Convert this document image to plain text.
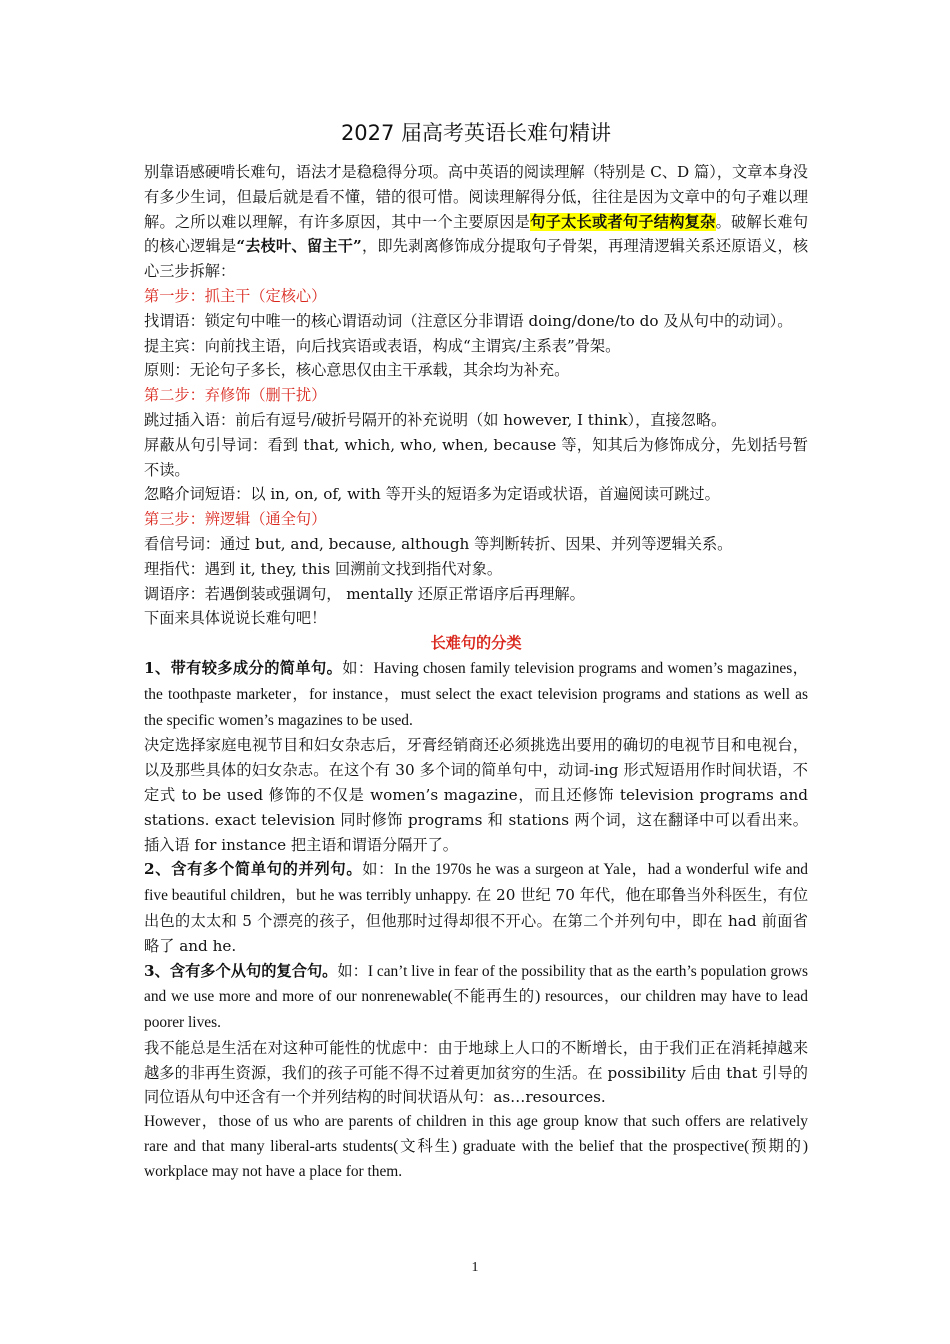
2027 届高考英语长难句精讲

别靠语感硬啃长难句，语法才是稳稳得分项。高中英语的阅读理解（特别是 C、D 篇），文章本身没有多少生词，但最后就是看不懂，错的很可惜。阅读理解得分低，往往是因为文章中的句子难以理解。之所以难以理解，有许多原因，其中一个主要原因是句子太长或者句子结构复杂。破解长难句的核心逻辑是“去枝叶、留主干”，即先剥离修饰成分提取句子骨架，再理清逻辑关系还原语义，核心三步拆解：

第一步：抓主干（定核心）

找谓语：锁定句中唯一的核心谓语动词（注意区分非谓语 doing/done/to do 及从句中的动词）。

提主宾：向前找主语，向后找宾语或表语，构成“主谓宾/主系表”骨架。

原则：无论句子多长，核心意思仅由主干承载，其余均为补充。

第二步：弃修饰（删干扰）

跳过插入语：前后有逗号/破折号隔开的补充说明（如 however, I think），直接忽略。

屏蔽从句引导词：看到 that, which, who, when, because 等，知其后为修饰成分，先划括号暂不读。

忽略介词短语：以 in, on, of, with 等开头的短语多为定语或状语，首遍阅读可跳过。

第三步：辨逻辑（通全句）

看信号词：通过 but, and, because, although 等判断转折、因果、并列等逻辑关系。

理指代：遇到 it, they, this 回溯前文找到指代对象。

调语序：若遇倒装或强调句， mentally 还原正常语序后再理解。

下面来具体说说长难句吧！

长难句的分类

1、带有较多成分的简单句。如：Having chosen family television programs and women’s magazines，the toothpaste marketer，for instance，must select the exact television programs and stations as well as the specific women’s magazines to be used.

决定选择家庭电视节目和妇女杂志后，牙膏经销商还必须挑选出要用的确切的电视节目和电视台，以及那些具体的妇女杂志。在这个有 30 多个词的简单句中，动词-ing 形式短语用作时间状语，不定式 to be used 修饰的不仅是 women’s magazine，而且还修饰 television programs and stations. exact television 同时修饰 programs 和 stations 两个词，这在翻译中可以看出来。插入语 for instance 把主语和谓语分隔开了。

2、含有多个简单句的并列句。如：In the 1970s he was a surgeon at Yale，had a wonderful wife and five beautiful children，but he was terribly unhappy. 在 20 世纪 70 年代，他在耶鲁当外科医生，有位出色的太太和 5 个漂亮的孩子，但他那时过得却很不开心。在第二个并列句中，即在 had 前面省略了 and he.

3、含有多个从句的复合句。如：I can’t live in fear of the possibility that as the earth’s population grows and we use more and more of our nonrenewable(不能再生的) resources，our children may have to lead poorer lives.

我不能总是生活在对这种可能性的忧虑中：由于地球上人口的不断增长，由于我们正在消耗掉越来越多的非再生资源，我们的孩子可能不得不过着更加贫穷的生活。在 possibility 后由 that 引导的同位语从句中还含有一个并列结构的时间状语从句：as…resources.

However，those of us who are parents of children in this age group know that such offers are relatively rare and that many liberal-arts students(文科生) graduate with the belief that the prospective(预期的) workplace may not have a place for them.

1
